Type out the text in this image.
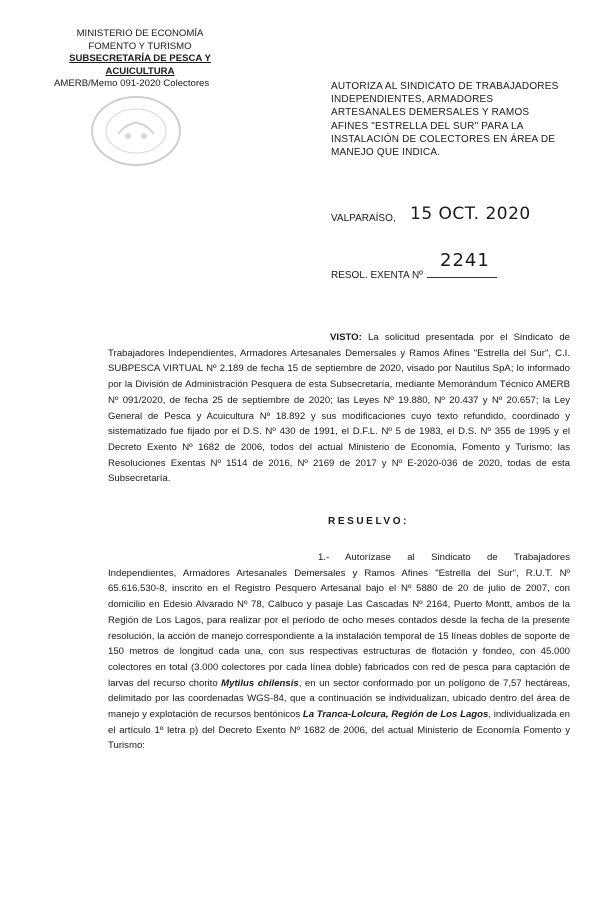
MINISTERIO DE ECONOMÍA
FOMENTO Y TURISMO
SUBSECRETARÍA DE PESCA Y ACUICULTURA
AMERB/Memo 091-2020 Colectores	AUTORIZA AL SINDICATO DE TRABAJADORES INDEPENDIENTES, ARMADORES ARTESANALES DEMERSALES Y RAMOS AFINES "ESTRELLA DEL SUR" PARA LA INSTALACIÓN DE COLECTORES EN ÁREA DE MANEJO QUE INDICA.
VALPARAÍSO, 15 OCT. 2020
RESOL. EXENTA Nº
2241
VISTO: La solicitud presentada por el Sindicato de Trabajadores Independientes, Armadores Artesanales Demersales y Ramos Afines "Estrella del Sur", C.I. SUBPESCA VIRTUAL Nº 2.189 de fecha 15 de septiembre de 2020, visado por Nautilus SpA; lo informado por la División de Administración Pesquera de esta Subsecretaría, mediante Memorándum Técnico AMERB Nº 091/2020, de fecha 25 de septiembre de 2020; las Leyes Nº 19.880, Nº 20.437 y Nº 20.657; la Ley General de Pesca y Acuicultura Nº 18.892 y sus modificaciones cuyo texto refundido, coordinado y sistematizado fue fijado por el D.S. Nº 430 de 1991, el D.F.L. Nº 5 de 1983, el D.S. Nº 355 de 1995 y el Decreto Exento Nº 1682 de 2006, todos del actual Ministerio de Economía, Fomento y Turismo; las Resoluciones Exentas Nº 1514 de 2016, Nº 2169 de 2017 y Nº E-2020-036 de 2020, todas de esta Subsecretaría.
RESUELVO:
1.- Autorízase al Sindicato de Trabajadores Independientes, Armadores Artesanales Demersales y Ramos Afines "Estrella del Sur", R.U.T. Nº 65.616.530-8, inscrito en el Registro Pesquero Artesanal bajo el Nº 5880 de 20 de julio de 2007, con domicilio en Edesio Alvarado Nº 78, Calbuco y pasaje Las Cascadas Nº 2164, Puerto Montt, ambos de la Región de Los Lagos, para realizar por el período de ocho meses contados desde la fecha de la presente resolución, la acción de manejo correspondiente a la instalación temporal de 15 líneas dobles de soporte de 150 metros de longitud cada una, con sus respectivas estructuras de flotación y fondeo, con 45.000 colectores en total (3.000 colectores por cada línea doble) fabricados con red de pesca para captación de larvas del recurso chorito Mytilus chilensis, en un sector conformado por un polígono de 7,57 hectáreas, delimitado por las coordenadas WGS-84, que a continuación se individualizan, ubicado dentro del área de manejo y explotación de recursos bentónicos La Tranca-Lolcura, Región de Los Lagos, individualizada en el artículo 1º letra p) del Decreto Exento Nº 1682 de 2006, del actual Ministerio de Economía Fomento y Turismo:
